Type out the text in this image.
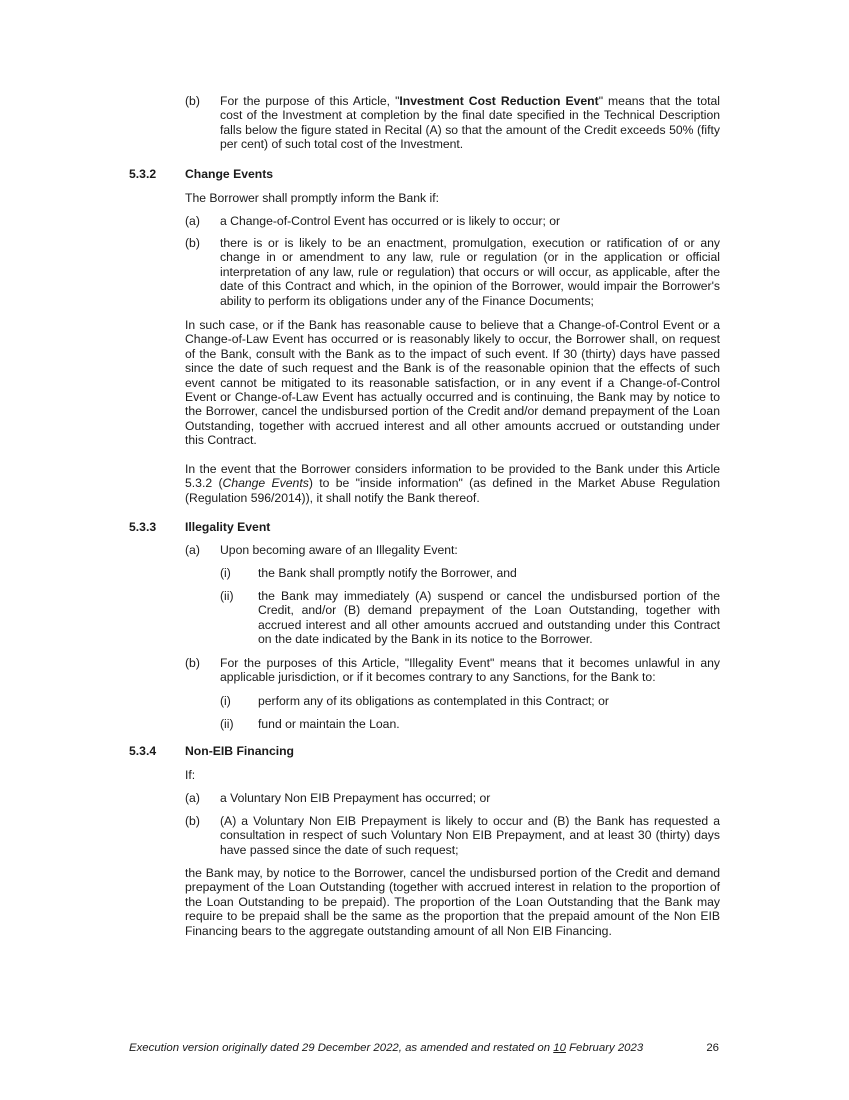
(b) For the purpose of this Article, "Investment Cost Reduction Event" means that the total cost of the Investment at completion by the final date specified in the Technical Description falls below the figure stated in Recital (A) so that the amount of the Credit exceeds 50% (fifty per cent) of such total cost of the Investment.

5.3.2 Change Events

The Borrower shall promptly inform the Bank if:

(a) a Change-of-Control Event has occurred or is likely to occur; or

(b) there is or is likely to be an enactment, promulgation, execution or ratification of or any change in or amendment to any law, rule or regulation (or in the application or official interpretation of any law, rule or regulation) that occurs or will occur, as applicable, after the date of this Contract and which, in the opinion of the Borrower, would impair the Borrower's ability to perform its obligations under any of the Finance Documents;

In such case, or if the Bank has reasonable cause to believe that a Change-of-Control Event or a Change-of-Law Event has occurred or is reasonably likely to occur, the Borrower shall, on request of the Bank, consult with the Bank as to the impact of such event. If 30 (thirty) days have passed since the date of such request and the Bank is of the reasonable opinion that the effects of such event cannot be mitigated to its reasonable satisfaction, or in any event if a Change-of-Control Event or Change-of-Law Event has actually occurred and is continuing, the Bank may by notice to the Borrower, cancel the undisbursed portion of the Credit and/or demand prepayment of the Loan Outstanding, together with accrued interest and all other amounts accrued or outstanding under this Contract.

In the event that the Borrower considers information to be provided to the Bank under this Article 5.3.2 (Change Events) to be "inside information" (as defined in the Market Abuse Regulation (Regulation 596/2014)), it shall notify the Bank thereof.

5.3.3 Illegality Event
(a) Upon becoming aware of an Illegality Event:

(i) the Bank shall promptly notify the Borrower, and

(ii) the Bank may immediately (A) suspend or cancel the undisbursed portion of the Credit, and/or (B) demand prepayment of the Loan Outstanding, together with accrued interest and all other amounts accrued and outstanding under this Contract on the date indicated by the Bank in its notice to the Borrower.

(b) For the purposes of this Article, "Illegality Event" means that it becomes unlawful in any applicable jurisdiction, or if it becomes contrary to any Sanctions, for the Bank to:

(i) perform any of its obligations as contemplated in this Contract; or

(ii) fund or maintain the Loan.

5.3.4 Non-EIB Financing

If:

(a) a Voluntary Non EIB Prepayment has occurred; or

(b) (A) a Voluntary Non EIB Prepayment is likely to occur and (B) the Bank has requested a consultation in respect of such Voluntary Non EIB Prepayment, and at least 30 (thirty) days have passed since the date of such request;

the Bank may, by notice to the Borrower, cancel the undisbursed portion of the Credit and demand prepayment of the Loan Outstanding (together with accrued interest in relation to the proportion of the Loan Outstanding to be prepaid). The proportion of the Loan Outstanding that the Bank may require to be prepaid shall be the same as the proportion that the prepaid amount of the Non EIB Financing bears to the aggregate outstanding amount of all Non EIB Financing.

Execution version originally dated 29 December 2022, as amended and restated on 10 February 2023	26
